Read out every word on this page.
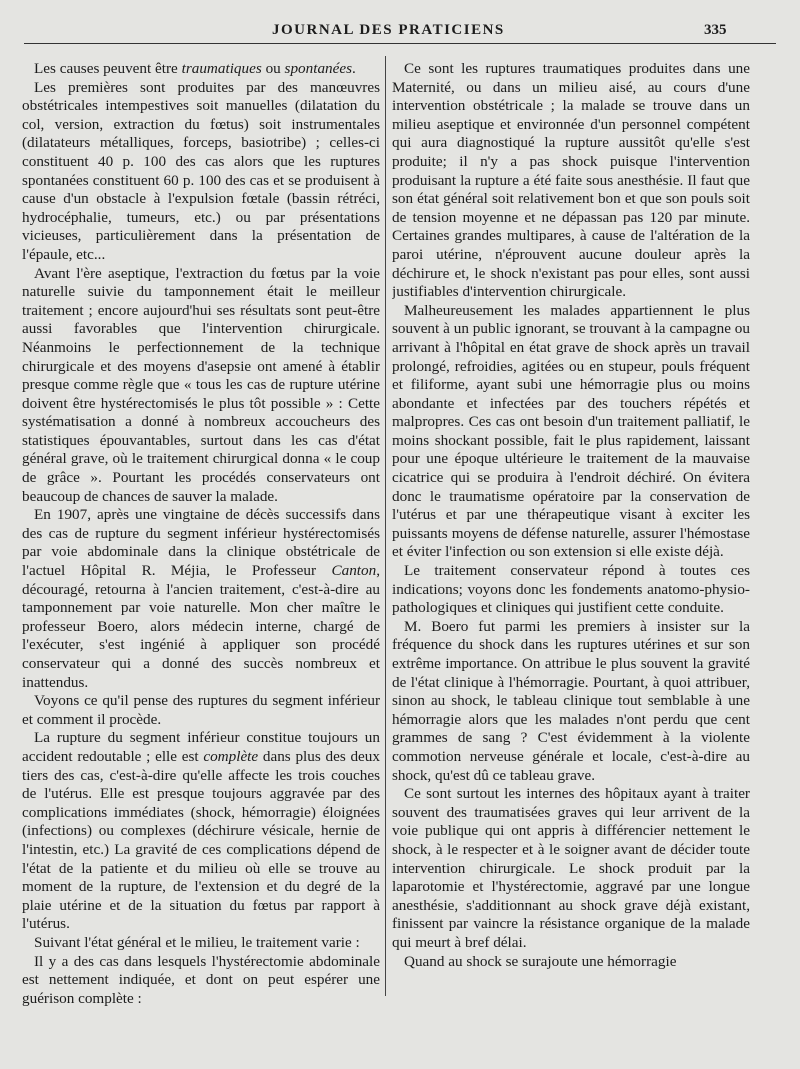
JOURNAL DES PRATICIENS	335

Les causes peuvent être traumatiques ou spontanées.

Les premières sont produites par des manœuvres obstétricales intempestives soit manuelles (dilatation du col, version, extraction du fœtus) soit instrumentales (dilatateurs métalliques, forceps, basiotribe) ; celles-ci constituent 40 p. 100 des cas alors que les ruptures spontanées constituent 60 p. 100 des cas et se produisent à cause d'un obstacle à l'expulsion fœtale (bassin rétréci, hydrocéphalie, tumeurs, etc.) ou par présentations vicieuses, particulièrement dans la présentation de l'épaule, etc...

Avant l'ère aseptique, l'extraction du fœtus par la voie naturelle suivie du tamponnement était le meilleur traitement ; encore aujourd'hui ses résultats sont peut-être aussi favorables que l'intervention chirurgicale. Néanmoins le perfectionnement de la technique chirurgicale et des moyens d'asepsie ont amené à établir presque comme règle que « tous les cas de rupture utérine doivent être hystérectomisés le plus tôt possible » : Cette systématisation a donné à nombreux accoucheurs des statistiques épouvantables, surtout dans les cas d'état général grave, où le traitement chirurgical donna « le coup de grâce ». Pourtant les procédés conservateurs ont beaucoup de chances de sauver la malade.

En 1907, après une vingtaine de décès successifs dans des cas de rupture du segment inférieur hystérectomisés par voie abdominale dans la clinique obstétricale de l'actuel Hôpital R. Méjia, le Professeur Canton, découragé, retourna à l'ancien traitement, c'est-à-dire au tamponnement par voie naturelle. Mon cher maître le professeur Boero, alors médecin interne, chargé de l'exécuter, s'est ingénié à appliquer son procédé conservateur qui a donné des succès nombreux et inattendus.

Voyons ce qu'il pense des ruptures du segment inférieur et comment il procède.

La rupture du segment inférieur constitue toujours un accident redoutable ; elle est complète dans plus des deux tiers des cas, c'est-à-dire qu'elle affecte les trois couches de l'utérus. Elle est presque toujours aggravée par des complications immédiates (shock, hémorragie) éloignées (infections) ou complexes (déchirure vésicale, hernie de l'intestin, etc.) La gravité de ces complications dépend de l'état de la patiente et du milieu où elle se trouve au moment de la rupture, de l'extension et du degré de la plaie utérine et de la situation du fœtus par rapport à l'utérus.

Suivant l'état général et le milieu, le traitement varie :

Il y a des cas dans lesquels l'hystérectomie abdominale est nettement indiquée, et dont on peut espérer une guérison complète :

Ce sont les ruptures traumatiques produites dans une Maternité, ou dans un milieu aisé, au cours d'une intervention obstétricale ; la malade se trouve dans un milieu aseptique et environnée d'un personnel compétent qui aura diagnostiqué la rupture aussitôt qu'elle s'est produite; il n'y a pas shock puisque l'intervention produisant la rupture a été faite sous anesthésie. Il faut que son état général soit relativement bon et que son pouls soit de tension moyenne et ne dépassan pas 120 par minute. Certaines grandes multipares, à cause de l'altération de la paroi utérine, n'éprouvent aucune douleur après la déchirure et, le shock n'existant pas pour elles, sont aussi justifiables d'intervention chirurgicale.

Malheureusement les malades appartiennent le plus souvent à un public ignorant, se trouvant à la campagne ou arrivant à l'hôpital en état grave de shock après un travail prolongé, refroidies, agitées ou en stupeur, pouls fréquent et filiforme, ayant subi une hémorragie plus ou moins abondante et infectées par des touchers répétés et malpropres. Ces cas ont besoin d'un traitement palliatif, le moins shockant possible, fait le plus rapidement, laissant pour une époque ultérieure le traitement de la mauvaise cicatrice qui se produira à l'endroit déchiré. On évitera donc le traumatisme opératoire par la conservation de l'utérus et par une thérapeutique visant à exciter les puissants moyens de défense naturelle, assurer l'hémostase et éviter l'infection ou son extension si elle existe déjà.

Le traitement conservateur répond à toutes ces indications; voyons donc les fondements anatomo-physio-pathologiques et cliniques qui justifient cette conduite.

M. Boero fut parmi les premiers à insister sur la fréquence du shock dans les ruptures utérines et sur son extrême importance. On attribue le plus souvent la gravité de l'état clinique à l'hémorragie. Pourtant, à quoi attribuer, sinon au shock, le tableau clinique tout semblable à une hémorragie alors que les malades n'ont perdu que cent grammes de sang ? C'est évidemment à la violente commotion nerveuse générale et locale, c'est-à-dire au shock, qu'est dû ce tableau grave.

Ce sont surtout les internes des hôpitaux ayant à traiter souvent des traumatisées graves qui leur arrivent de la voie publique qui ont appris à différencier nettement le shock, à le respecter et à le soigner avant de décider toute intervention chirurgicale. Le shock produit par la laparotomie et l'hystérectomie, aggravé par une longue anesthésie, s'additionnant au shock grave déjà existant, finissent par vaincre la résistance organique de la malade qui meurt à bref délai.

Quand au shock se surajoute une hémorragie
